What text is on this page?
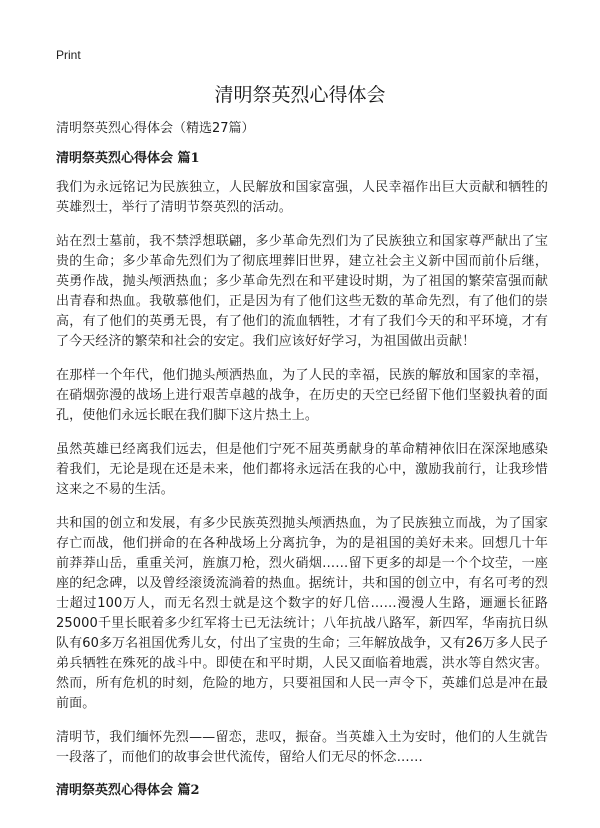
Print
清明祭英烈心得体会

清明祭英烈心得体会（精选27篇）

清明祭英烈心得体会 篇1

我们为永远铭记为民族独立，人民解放和国家富强，人民幸福作出巨大贡献和牺牲的英雄烈士，举行了清明节祭英烈的活动。

站在烈士墓前，我不禁浮想联翩，多少革命先烈们为了民族独立和国家尊严献出了宝贵的生命；多少革命先烈们为了彻底埋葬旧世界，建立社会主义新中国而前仆后继，英勇作战，抛头颅洒热血；多少革命先烈在和平建设时期，为了祖国的繁荣富强而献出青春和热血。我敬慕他们，正是因为有了他们这些无数的革命先烈，有了他们的崇高，有了他们的英勇无畏，有了他们的流血牺牲，才有了我们今天的和平环境，才有了今天经济的繁荣和社会的安定。我们应该好好学习，为祖国做出贡献！

在那样一个年代，他们抛头颅洒热血，为了人民的幸福，民族的解放和国家的幸福，在硝烟弥漫的战场上进行艰苦卓越的战争，在历史的天空已经留下他们坚毅执着的面孔，使他们永远长眠在我们脚下这片热土上。

虽然英雄已经离我们远去，但是他们宁死不屈英勇献身的革命精神依旧在深深地感染着我们，无论是现在还是未来，他们都将永远活在我的心中，激励我前行，让我珍惜这来之不易的生活。

共和国的创立和发展，有多少民族英烈抛头颅洒热血，为了民族独立而战，为了国家存亡而战，他们拼命的在各种战场上分离抗争，为的是祖国的美好未来。回想几十年前莽莽山岳，重重关河，旌旗刀枪，烈火硝烟……留下更多的却是一个个坟茔，一座座的纪念碑，以及曾经滚烫流淌着的热血。据统计，共和国的创立中，有名可考的烈士超过100万人，而无名烈士就是这个数字的好几倍……漫漫人生路，逦逦长征路25000千里长眠着多少红军将士已无法统计；八年抗战八路军，新四军，华南抗日纵队有60多万名祖国优秀儿女，付出了宝贵的生命；三年解放战争，又有26万多人民子弟兵牺牲在殊死的战斗中。即使在和平时期，人民又面临着地震，洪水等自然灾害。然而，所有危机的时刻，危险的地方，只要祖国和人民一声令下，英雄们总是冲在最前面。

清明节，我们缅怀先烈——留恋，悲叹，振奋。当英雄入土为安时，他们的人生就告一段落了，而他们的故事会世代流传，留给人们无尽的怀念……

清明祭英烈心得体会 篇2
